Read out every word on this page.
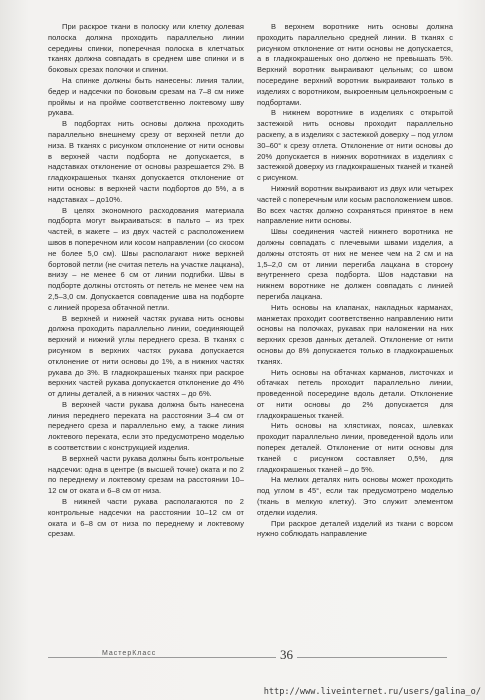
При раскрое ткани в полоску или клетку долевая полоска должна проходить параллельно линии середины спинки, поперечная полоска в клетчатых тканях должна совпадать в среднем шве спинки и в боковых срезах полочки и спинки.

На спинке должны быть нанесены: линия талии, бедер и надсечки по боковым срезам на 7–8 см ниже проймы и на пройме соответственно локтевому шву рукава.

В подбортах нить основы должна проходить параллельно внешнему срезу от верхней петли до низа. В тканях с рисунком отклонение от нити основы в верхней части подборта не допускается, в надставках отклонение от основы разрешается 2%. В гладкокрашеных тканях допускается отклонение от нити основы: в верхней части подбортов до 5%, а в надставках – до10%.

В целях экономного расходования материала подборта могут выкраиваться: в пальто – из трех частей, в жакете – из двух частей с расположением швов в поперечном или косом направлении (со скосом не более 5,0 см). Швы располагают ниже верхней бортовой петли (не считая петель на участке лацкана), внизу – не менее 6 см от линии подгибки. Швы в подборте должны отстоять от петель не менее чем на 2,5–3,0 см. Допускается совпадение шва на подборте с линией прореза обтачной петли.

В верхней и нижней частях рукава нить основы должна проходить параллельно линии, соединяющей верхний и нижний углы переднего среза. В тканях с рисунком в верхних частях рукава допускается отклонение от нити основы до 1%, а в нижних частях рукава до 3%. В гладкокрашеных тканях при раскрое верхних частей рукава допускается отклонение до 4% от длины деталей, а в нижних частях – до 6%.

В верхней части рукава должна быть нанесена линия переднего переката на расстоянии 3–4 см от переднего среза и параллельно ему, а также линия локтевого переката, если это предусмотрено моделью в соответствии с конструкцией изделия.

В верхней части рукава должны быть контрольные надсечки: одна в центре (в высшей точке) оката и по 2 по переднему и локтевому срезам на расстоянии 10–12 см от оката и 6–8 см от низа.

В нижней части рукава располагаются по 2 контрольные надсечки на расстоянии 10–12 см от оката и 6–8 см от низа по переднему и локтевому срезам.

В верхнем воротнике нить основы должна проходить параллельно средней линии. В тканях с рисунком отклонение от нити основы не допускается, а в гладкокрашеных оно должно не превышать 5%. Верхний воротник выкраивают цельным; со швом посередине верхний воротник выкраивают только в изделиях с воротником, выкроенным цельнокроеным с подбортами.

В нижнем воротнике в изделиях с открытой застежкой нить основы проходит параллельно раскепу, а в изделиях с застежкой доверху – под углом 30–60° к срезу отлета. Отклонение от нити основы до 20% допускается в нижних воротниках в изделиях с застежкой доверху из гладкокрашеных тканей и тканей с рисунком.

Нижний воротник выкраивают из двух или четырех частей с поперечным или косым расположением швов. Во всех частях должно сохраняться принятое в нем направление нити основы.

Швы соединения частей нижнего воротника не должны совпадать с плечевыми швами изделия, а должны отстоять от них не менее чем на 2 см и на 1,5–2,0 см от линии перегиба лацкана в сторону внутреннего среза подборта. Шов надставки на нижнем воротнике не должен совпадать с линией перегиба лацкана.

Нить основы на клапанах, накладных карманах, манжетах проходит соответственно направлению нити основы на полочках, рукавах при наложении на них верхних срезов данных деталей. Отклонение от нити основы до 8% допускается только в гладкокрашеных тканях.

Нить основы на обтачках карманов, листочках и обтачках петель проходит параллельно линии, проведенной посередине вдоль детали. Отклонение от нити основы до 2% допускается для гладкокрашеных тканей.

Нить основы на хлястиках, поясах, шлевках проходит параллельно линии, проведенной вдоль или поперек деталей. Отклонение от нити основы для тканей с рисунком составляет 0,5%, для гладкокрашеных тканей – до 5%.

На мелких деталях нить основы может проходить под углом в 45°, если так предусмотрено моделью (ткань в мелкую клетку). Это служит элементом отделки изделия.

При раскрое деталей изделий из ткани с ворсом нужно соблюдать направление

МастерКласс	36
http://www.liveinternet.ru/users/galina_o/
